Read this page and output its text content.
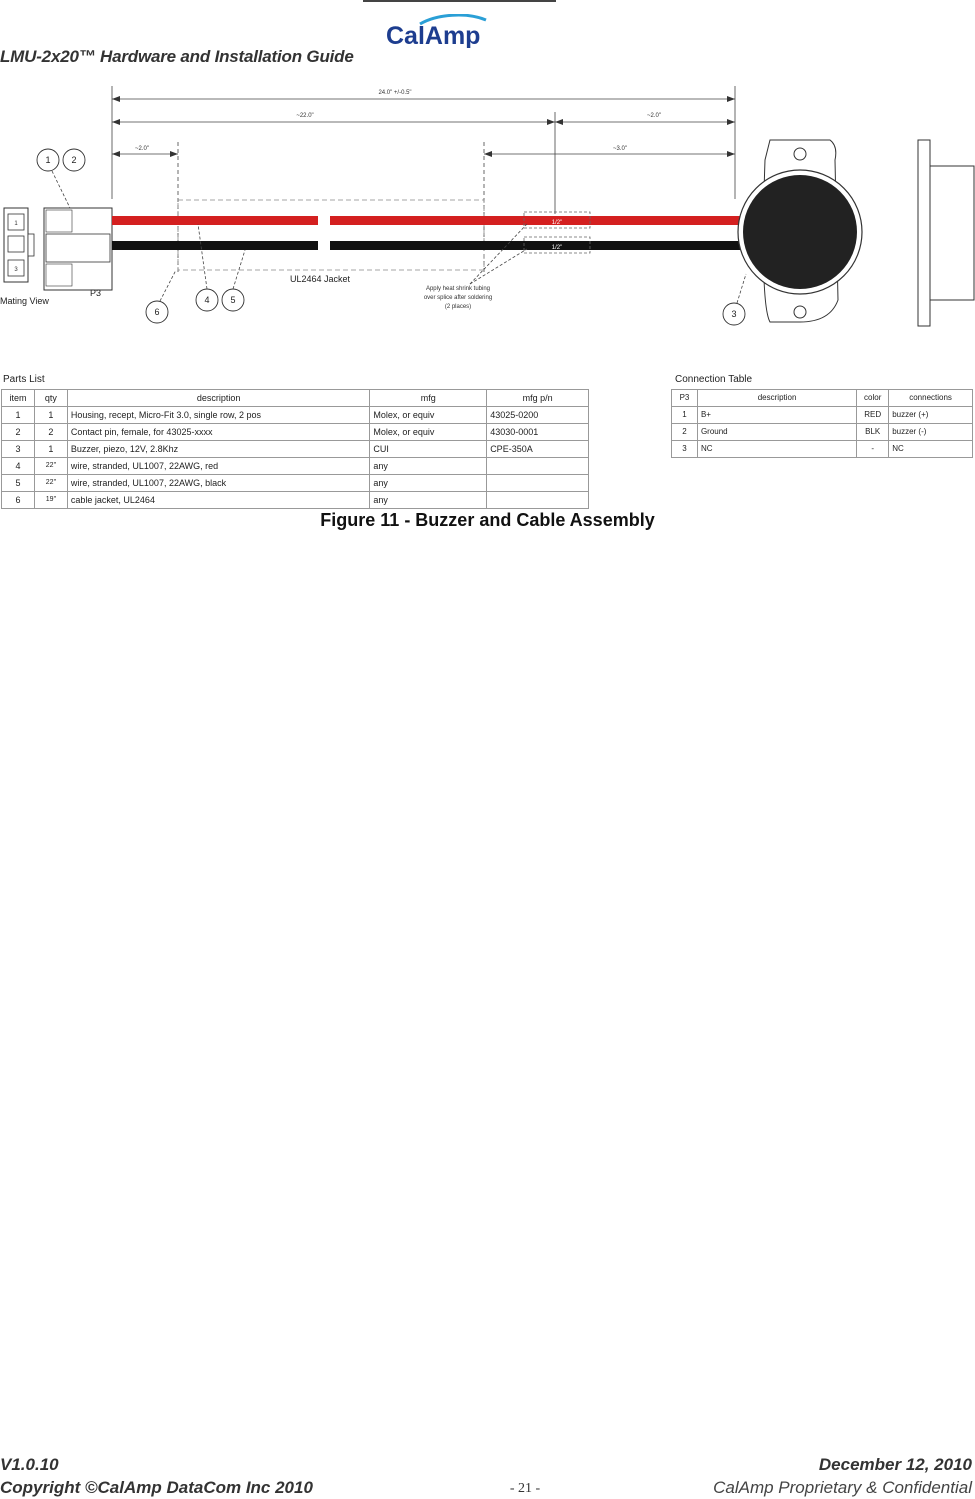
CalAmp
LMU-2x20™ Hardware and Installation Guide
24.0" +/-0.5"
~22.0"	~2.0"
~2.0"	~3.0"
1
3
Mating View
P3
1/2"
1/2"
UL2464 Jacket
Apply heat shrink tubing
over splice after soldering
(2 places)
1 2
3
4 5
6
Parts List
item	qty	description	mfg	mfg p/n
1	1	Housing, recept, Micro-Fit 3.0, single row, 2 pos	Molex, or equiv	43025-0200
2	2	Contact pin, female, for 43025-xxxx	Molex, or equiv	43030-0001
3	1	Buzzer, piezo, 12V, 2.8Khz	CUI	CPE-350A
4	22"	wire, stranded, UL1007, 22AWG, red	any	
5	22"	wire, stranded, UL1007, 22AWG, black	any	
6	19"	cable jacket, UL2464	any	
Connection Table
P3	description	color	connections
1	B+	RED	buzzer (+)
2	Ground	BLK	buzzer (-)
3	NC	-	NC
Figure 11 - Buzzer and Cable Assembly
V1.0.10	December 12, 2010
Copyright ©CalAmp DataCom Inc 2010	- 21 -	CalAmp Proprietary & Confidential
